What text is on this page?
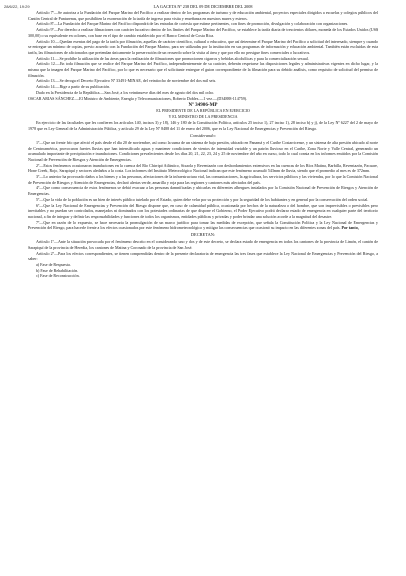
28/6/22, 19:29	LA GACETA Nº 238 DEL 09 DE DICIEMBRE DEL 2008

Artículo 7º—Se autoriza a la Fundación del Parque Marino del Pacífico a realizar dentro de los programas de turismo y de educación ambiental, proyectos especiales dirigidos a escuelas y colegios públicos del Cantón Central de Puntarenas, que posibiliten la exoneración de la tarifa de ingreso para visita y enseñanza en nuestros mares y esteros.

Artículo 8º—La Fundación del Parque Marino del Pacífico dispondrá de las entradas de cortesía que estime pertinentes, con fines de promoción, divulgación y colaboración con organizaciones.

Artículo 9º—Por derecho a realizar filmaciones con carácter lucrativo dentro de los límites del Parque Marino del Pacífico, se establece la tarifa diaria de trescientos dólares, moneda de los Estados Unidos (US$ 300,00) o su equivalente en colones, con base en el tipo de cambio establecido por el Banco Central de Costa Rica.

Artículo 10.—Quedan exentas del pago de la tarifa por filmación, aquellas de carácter científico, cultural o educativo, que así determine el Parque Marino del Pacífico a solicitud del interesado, siempre y cuando se entregue un mínimo de copias, previo acuerdo con la Fundación del Parque Marino, para ser utilizadas por la institución en sus programas de información y educación ambiental. También están excluidas de esta tarifa, las filmaciones de aficionados que pretendan únicamente la preservación de un recuerdo sobre la visita al área y que por ello no persigue fines comerciales o lucrativos.

Artículo 11.—Se prohíbe la utilización de las áreas para la realización de filmaciones que promocionen cigarros y bebidas alcohólicas y para la comercialización sexual.

Artículo 12.—En toda filmación que se realice del Parque Marino del Pacífico, independientemente de su carácter, deberán respetarse las disposiciones legales y administrativas vigentes en dicho lugar, y la misma que la imagen del Parque Marino del Pacífico, por lo que es necesario que el solicitante entregue el guion correspondiente de la filmación para su debido análisis, como requisito de solicitud del permiso de filmación.

Artículo 13.—Se deroga el Decreto Ejecutivo Nº 33491-MINAE, del veintiocho de noviembre del dos mil seis.

Artículo 14.—Rige a partir de su publicación.

Dado en la Presidencia de la República.—San José, a los veintinueve días del mes de agosto del dos mil ocho.

OSCAR ARIAS SÁNCHEZ.—El Ministro de Ambiente, Energía y Telecomunicaciones, Roberto Dobles.—1 vez.—(D34888-114759).

Nº 34906-MP

EL PRESIDENTE DE LA REPÚBLICA EN EJERCICIO

Y EL MINISTRO DE LA PRESIDENCIA

En ejercicio de las facultades que les confieren los artículos 140, incisos 3) y 18), 146 y 180 de la Constitución Política, artículos 25 inciso 1), 27 inciso 1), 28 inciso b) y j), de la Ley Nº 6227 del 2 de mayo de 1978 que es Ley General de la Administración Pública, y artículo 29 de la Ley Nº 8488 del 11 de enero del 2006, que es la Ley Nacional de Emergencias y Prevención del Riesgo.

Considerando:

1º—Que un frente frío que afectó el país desde el día 20 de noviembre, así como la suma de un sistema de baja presión, ubicado en Panamá y el Caribe Costarricense, y un sistema de alta presión ubicado al norte de Centroamérica, provocaron fuertes lluvias que han intensificado aguas y mantener condiciones de vientos de intensidad variable y un patrón lluvioso en el Caribe, Zona Norte y Valle Central, generando un acumulado importante de precipitación e inundaciones. Condiciones prevalecientes desde los días 20, 21, 22, 23, 24 y 25 de noviembre del año en curso, todo lo cual consta en los informes emitidos por la Comisión Nacional de Prevención de Riesgos y Atención de Emergencias.

2º—Estos fenómenos ocasionaron inundaciones en la cuenca del Río Chirripó Atlántico, Sixaola y Reventazón con desbordamientos extensivos en las cuencas de los Ríos Matina, Barbilla, Reventazón, Pacuare, Hone Creek, Rojo, Sarapiquí y sectores aledaños a la costa. Los informes del Instituto Meteorológico Nacional indican que este fenómeno acumuló 543mm de lluvia, siendo que el promedio al mes es de 372mm.

3º—Lo anterior ha provocado daños a los bienes y a las personas, afectaciones de la infraestructura vial, las comunicaciones, la agricultura, los servicios públicos y las viviendas, por lo que la Comisión Nacional de Prevención de Riesgos y Atención de Emergencias, declaró alertas verde, amarilla y roja para las regiones y cantones más afectados del país.

4º—Que como consecuencia de estos fenómenos se debió evacuar a las personas damnificadas y ubicarlas en diferentes albergues instalados por la Comisión Nacional de Prevención de Riesgos y Atención de Emergencias.

5º—Que la vida de la población es un bien de interés público tutelado por el Estado, quien debe velar por su protección y por la seguridad de los habitantes y en general por la conservación del orden social.

6º—Que la Ley Nacional de Emergencias y Prevención del Riesgo dispone que, en caso de calamidad pública, ocasionada por hechos de la naturaleza o del hombre, que son imprevisibles o previsibles pero inevitables y no puedan ser controlados, manejados ni dominados con los potestades ordinarias de que dispone el Gobierno, el Poder Ejecutivo podrá declarar estado de emergencia en cualquier parte del territorio nacional, a fin de integrar y definir las responsabilidades y funciones de todos los organismos, entidades públicas y privadas y poder brindar una solución acorde a la magnitud del desastre.

7º—Que en razón de lo expuesto, se hace necesaria la promulgación de un marco jurídico para tomar las medidas de excepción, que señala la Constitución Política y la Ley Nacional de Emergencias y Prevención del Riesgo, para hacerle frente a los efectos ocasionados por este fenómeno hidrometeorológico y mitigar las consecuencias que ocasionó su impacto en las diferentes zonas del país. Por tanto,

DECRETAN:

Artículo 1º—Ante la situación provocada por el fenómeno descrito en el considerando uno y dos y de este decreto, se declara estado de emergencia en todos los cantones de la provincia de Limón, el cantón de Sarapiquí de la provincia de Heredia, los cantones de Matina y Coronado de la provincia de San José.

Artículo 2º—Para los efectos correspondientes, se tienen comprendidas dentro de la presente declaratoria de emergencia las tres fases que establece la Ley Nacional de Emergencias y Prevención del Riesgo, a saber:

a) Fase de Respuesta.

b) Fase de Rehabilitación.

c) Fase de Reconstrucción.
